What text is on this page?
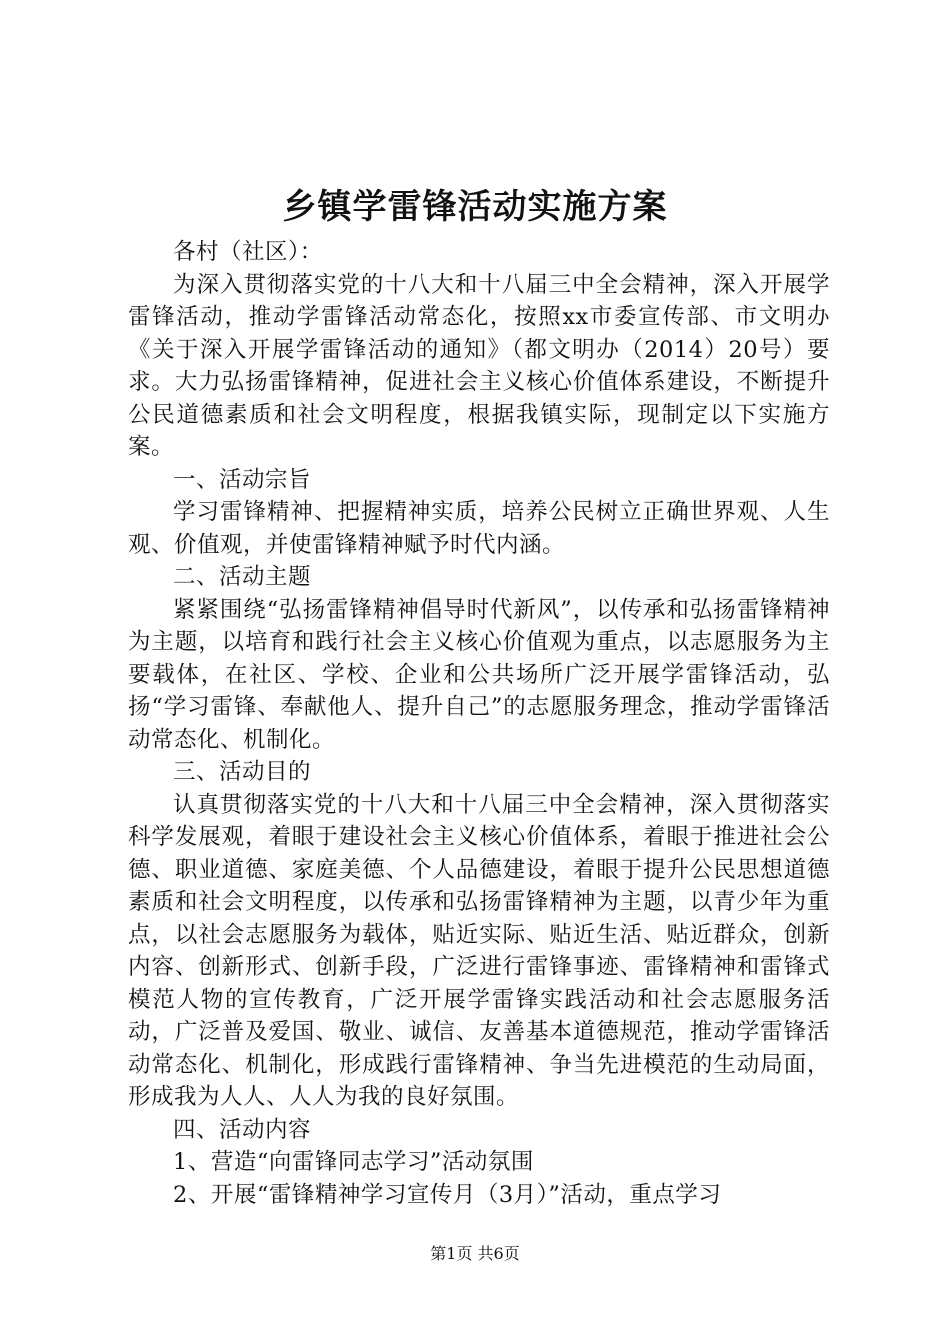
乡镇学雷锋活动实施方案

各村（社区）：

为深入贯彻落实党的十八大和十八届三中全会精神，深入开展学雷锋活动，推动学雷锋活动常态化，按照xx市委宣传部、市文明办《关于深入开展学雷锋活动的通知》（都文明办（2014）20号）要求。大力弘扬雷锋精神，促进社会主义核心价值体系建设，不断提升公民道德素质和社会文明程度，根据我镇实际，现制定以下实施方案。

一、活动宗旨

学习雷锋精神、把握精神实质，培养公民树立正确世界观、人生观、价值观，并使雷锋精神赋予时代内涵。

二、活动主题

紧紧围绕“弘扬雷锋精神倡导时代新风”，以传承和弘扬雷锋精神为主题，以培育和践行社会主义核心价值观为重点，以志愿服务为主要载体，在社区、学校、企业和公共场所广泛开展学雷锋活动，弘扬“学习雷锋、奉献他人、提升自己”的志愿服务理念，推动学雷锋活动常态化、机制化。

三、活动目的

认真贯彻落实党的十八大和十八届三中全会精神，深入贯彻落实科学发展观，着眼于建设社会主义核心价值体系，着眼于推进社会公德、职业道德、家庭美德、个人品德建设，着眼于提升公民思想道德素质和社会文明程度，以传承和弘扬雷锋精神为主题，以青少年为重点，以社会志愿服务为载体，贴近实际、贴近生活、贴近群众，创新内容、创新形式、创新手段，广泛进行雷锋事迹、雷锋精神和雷锋式模范人物的宣传教育，广泛开展学雷锋实践活动和社会志愿服务活动，广泛普及爱国、敬业、诚信、友善基本道德规范，推动学雷锋活动常态化、机制化，形成践行雷锋精神、争当先进模范的生动局面，形成我为人人、人人为我的良好氛围。

四、活动内容

1、营造“向雷锋同志学习”活动氛围

2、开展“雷锋精神学习宣传月（3月）”活动，重点学习

第1页 共6页
